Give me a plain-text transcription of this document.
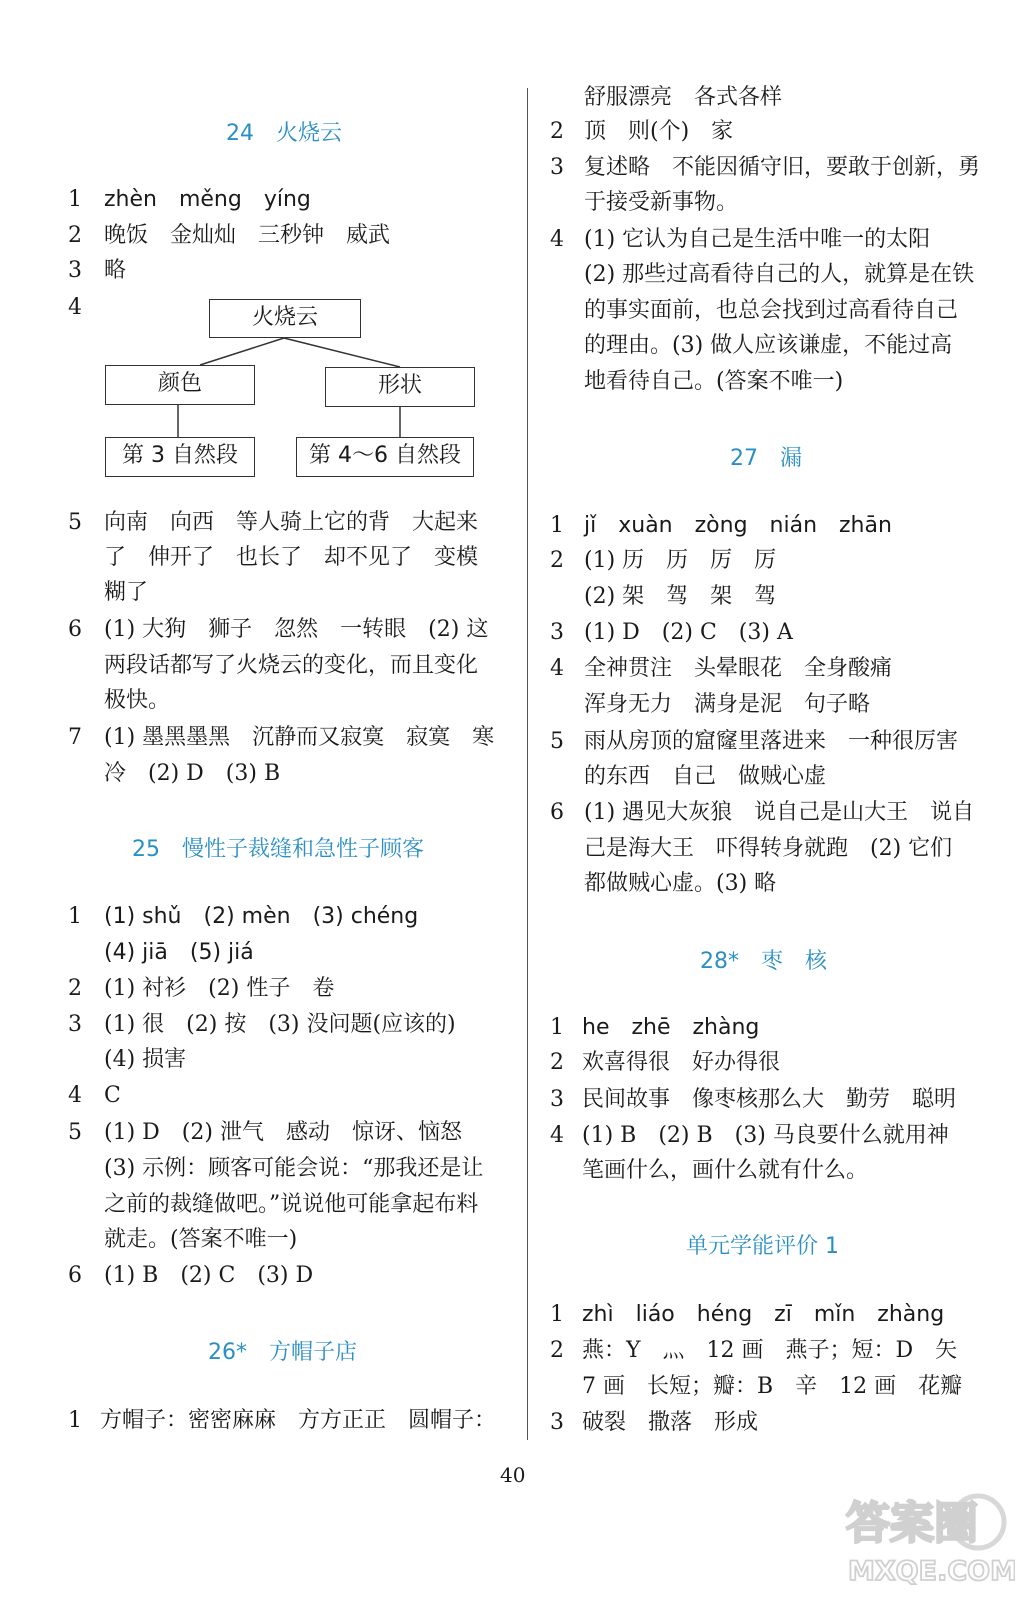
24　火烧云
1 zhèn　měng　yíng
2 晚饭　金灿灿　三秒钟　威武
3 略
4	火烧云
颜色	形状
第 3 自然段	第 4～6 自然段
5 向南　向西　等人骑上它的背　大起来
了　伸开了　也长了　却不见了　变模
糊了
6 (1) 大狗　狮子　忽然　一转眼　(2) 这
两段话都写了火烧云的变化，而且变化
极快。
7 (1) 墨黑墨黑　沉静而又寂寞　寂寞　寒
冷　(2) D　(3) B
25　慢性子裁缝和急性子顾客
1 (1) shǔ　(2) mèn　(3) chéng
(4) jiā　(5) jiá
2 (1) 衬衫　(2) 性子　卷
3 (1) 很　(2) 按　(3) 没问题(应该的)
(4) 损害
4 C
5 (1) D　(2) 泄气　感动　惊讶、恼怒
(3) 示例：顾客可能会说：“那我还是让
之前的裁缝做吧。”说说他可能拿起布料
就走。(答案不唯一)
6 (1) B　(2) C　(3) D
26*　方帽子店
1 方帽子：密密麻麻　方方正正　圆帽子：
舒服漂亮　各式各样
2 顶　则(个)　家
3 复述略　不能因循守旧，要敢于创新，勇
于接受新事物。
4 (1) 它认为自己是生活中唯一的太阳
(2) 那些过高看待自己的人，就算是在铁
的事实面前，也总会找到过高看待自己
的理由。(3) 做人应该谦虚，不能过高
地看待自己。(答案不唯一)
27　漏
1 jǐ　xuàn　zòng　nián　zhān
2 (1) 历　历　厉　厉
(2) 架　驾　架　驾
3 (1) D　(2) C　(3) A
4 全神贯注　头晕眼花　全身酸痛
浑身无力　满身是泥　句子略
5 雨从房顶的窟窿里落进来　一种很厉害
的东西　自己　做贼心虚
6 (1) 遇见大灰狼　说自己是山大王　说自
己是海大王　吓得转身就跑　(2) 它们
都做贼心虚。(3) 略
28*　枣　核
1 he　zhē　zhàng
2 欢喜得很　好办得很
3 民间故事　像枣核那么大　勤劳　聪明
4 (1) B　(2) B　(3) 马良要什么就用神
笔画什么，画什么就有什么。
单元学能评价 1
1 zhì　liáo　héng　zī　mǐn　zhàng
2 燕：Y　灬　12 画　燕子；短：D　矢
7 画　长短；瓣：B　辛　12 画　花瓣
3 破裂　撒落　形成
40
答案圈
MXQE.COM
